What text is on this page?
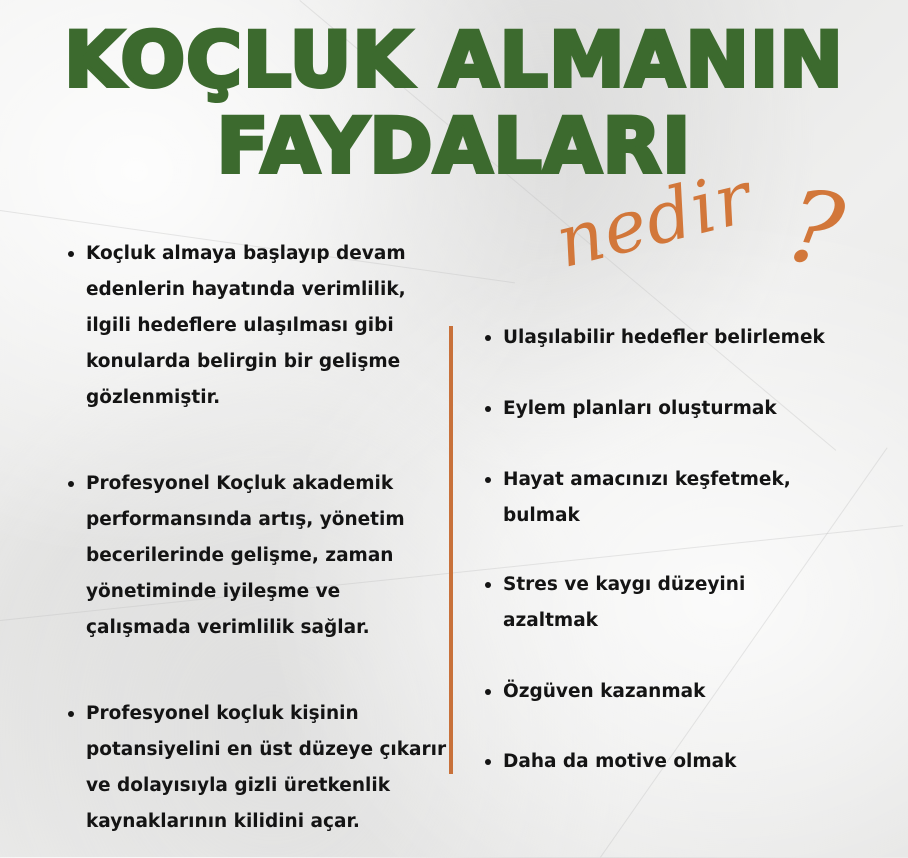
KOÇLUK ALMANIN
FAYDALARI
nedir ?
Koçluk almaya başlayıp devam edenlerin hayatında verimlilik, ilgili hedeflere ulaşılması gibi konularda belirgin bir gelişme gözlenmiştir.
Profesyonel Koçluk akademik performansında artış, yönetim becerilerinde gelişme, zaman yönetiminde iyileşme ve çalışmada verimlilik sağlar.
Profesyonel koçluk kişinin potansiyelini en üst düzeye çıkarır ve dolayısıyla gizli üretkenlik kaynaklarının kilidini açar.
Ulaşılabilir hedefler belirlemek
Eylem planları oluşturmak
Hayat amacınızı keşfetmek, bulmak
Stres ve kaygı düzeyini azaltmak
Özgüven kazanmak
Daha da motive olmak
